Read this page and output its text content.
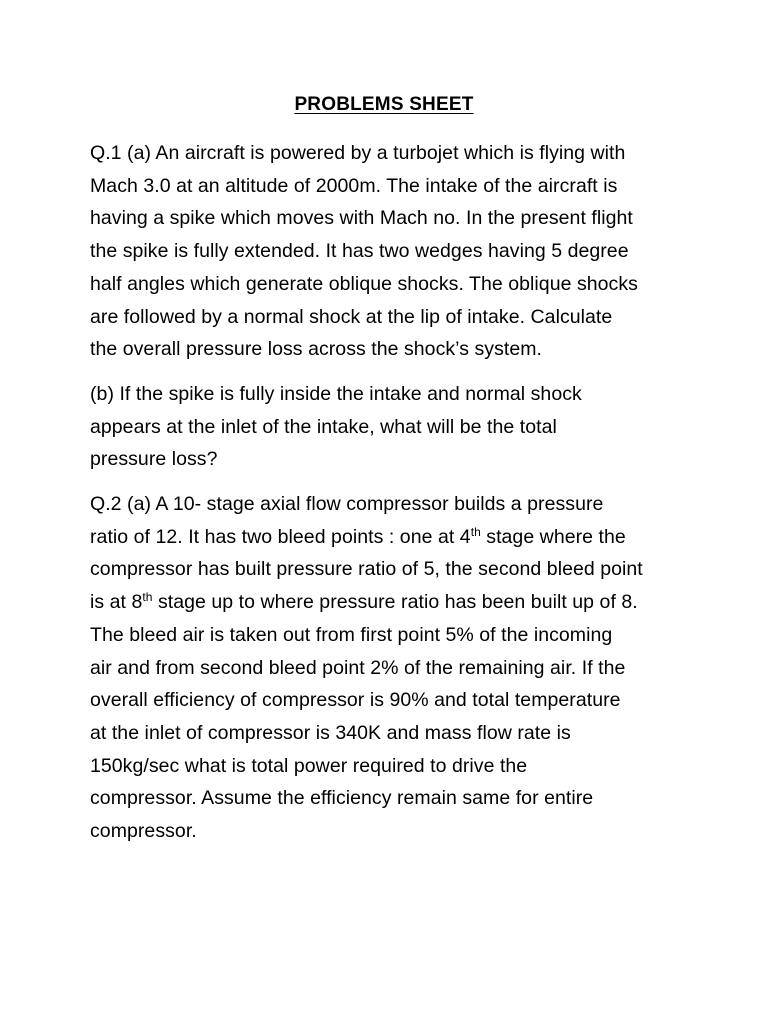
PROBLEMS SHEET
Q.1 (a) An aircraft is powered by a turbojet which is flying with
Mach 3.0 at an altitude of 2000m. The intake of the aircraft is
having a spike which moves with Mach no. In the present flight
the spike is fully extended. It has two wedges having 5 degree
half angles which generate oblique shocks. The oblique shocks
are followed by a normal shock at the lip of intake. Calculate
the overall pressure loss across the shock’s system.
(b) If the spike is fully inside the intake and normal shock
appears at the inlet of the intake, what will be the total
pressure loss?
Q.2 (a) A 10- stage axial flow compressor builds a pressure
ratio of 12. It has two bleed points : one at 4th stage where the
compressor has built pressure ratio of 5, the second bleed point
is at 8th stage up to where pressure ratio has been built up of 8.
The bleed air is taken out from first point 5% of the incoming
air and from second bleed point 2% of the remaining air. If the
overall efficiency of compressor is 90% and total temperature
at the inlet of compressor is 340K and mass flow rate is
150kg/sec what is total power required to drive the
compressor. Assume the efficiency remain same for entire
compressor.
